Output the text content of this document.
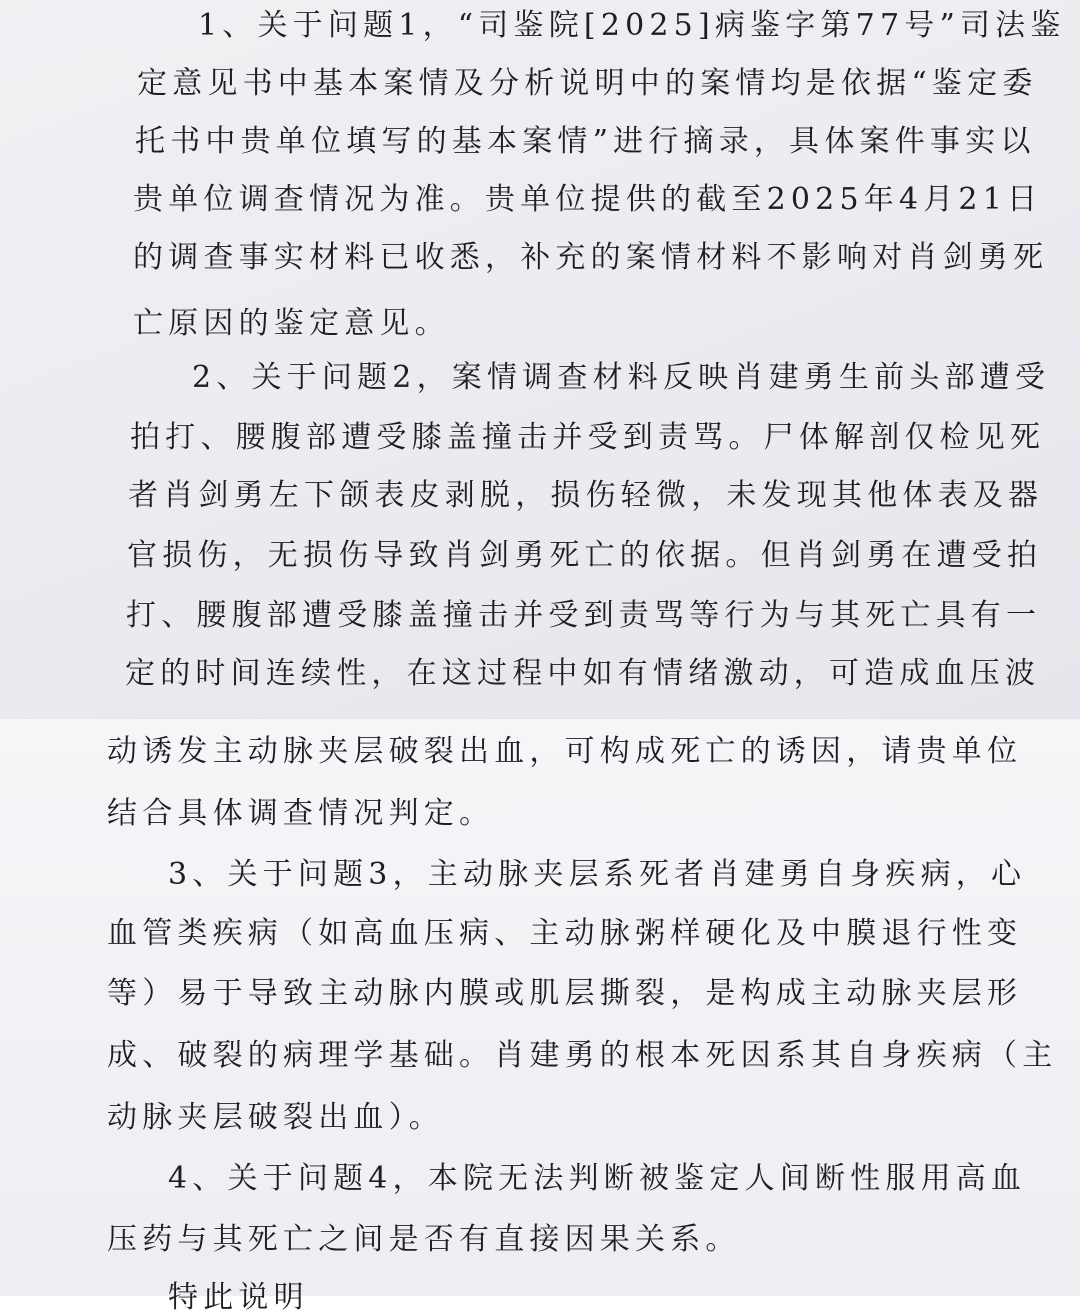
1、关于问题1，“司鉴院[2025]病鉴字第77号”司法鉴
定意见书中基本案情及分析说明中的案情均是依据“鉴定委
托书中贵单位填写的基本案情”进行摘录，具体案件事实以
贵单位调查情况为准。贵单位提供的截至2025年4月21日
的调查事实材料已收悉，补充的案情材料不影响对肖剑勇死
亡原因的鉴定意见。
2、关于问题2，案情调查材料反映肖建勇生前头部遭受
拍打、腰腹部遭受膝盖撞击并受到责骂。尸体解剖仅检见死
者肖剑勇左下颌表皮剥脱，损伤轻微，未发现其他体表及器
官损伤，无损伤导致肖剑勇死亡的依据。但肖剑勇在遭受拍
打、腰腹部遭受膝盖撞击并受到责骂等行为与其死亡具有一
定的时间连续性，在这过程中如有情绪激动，可造成血压波
动诱发主动脉夹层破裂出血，可构成死亡的诱因，请贵单位
结合具体调查情况判定。
3、关于问题3，主动脉夹层系死者肖建勇自身疾病，心
血管类疾病（如高血压病、主动脉粥样硬化及中膜退行性变
等）易于导致主动脉内膜或肌层撕裂，是构成主动脉夹层形
成、破裂的病理学基础。肖建勇的根本死因系其自身疾病（主
动脉夹层破裂出血）。
4、关于问题4，本院无法判断被鉴定人间断性服用高血
压药与其死亡之间是否有直接因果关系。
特此说明
